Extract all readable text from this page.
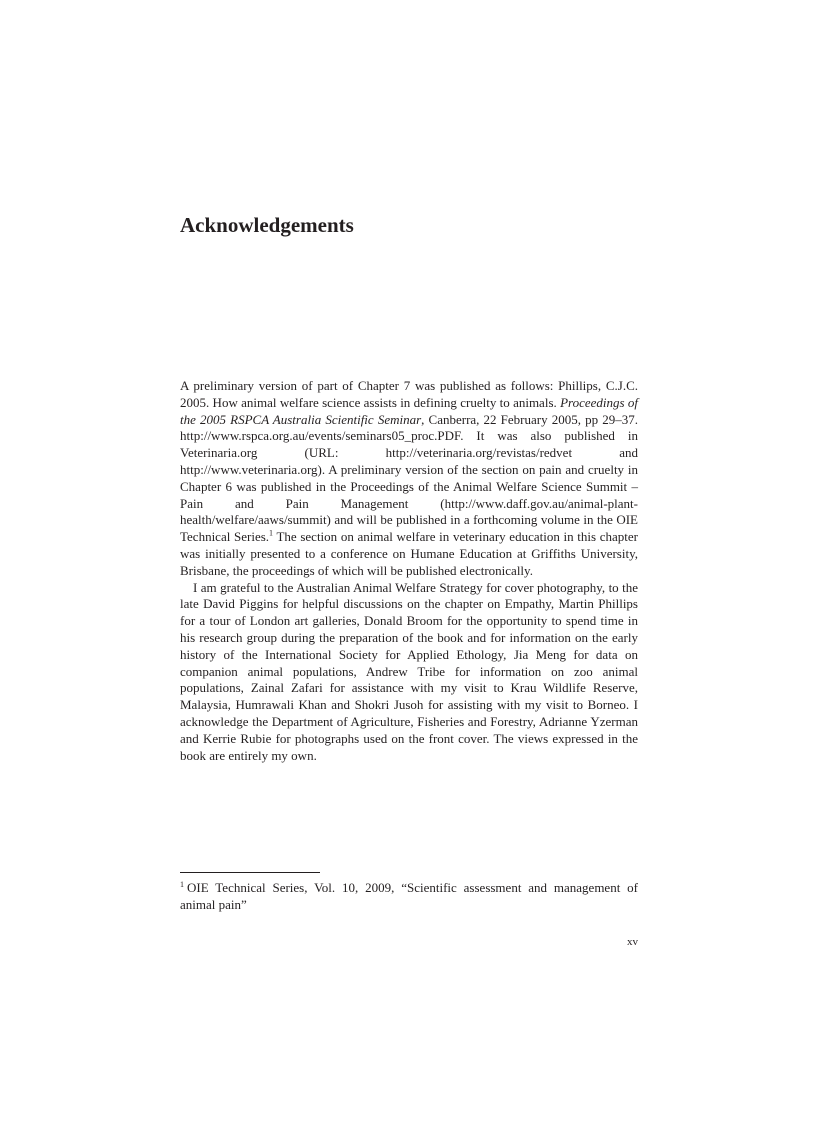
Acknowledgements

A preliminary version of part of Chapter 7 was published as follows: Phillips, C.J.C. 2005. How animal welfare science assists in defining cruelty to animals. Proceedings of the 2005 RSPCA Australia Scientific Seminar, Canberra, 22 February 2005, pp 29–37. http://www.rspca.org.au/events/seminars05_proc.PDF. It was also published in Veterinaria.org (URL: http://veterinaria.org/revistas/redvet and http://www.veterinaria.org). A preliminary version of the section on pain and cruelty in Chapter 6 was published in the Proceedings of the Animal Welfare Science Summit – Pain and Pain Management (http://www.daff.gov.au/animal-plant-health/welfare/aaws/summit) and will be published in a forthcoming volume in the OIE Technical Series.$^1$ The section on animal welfare in veterinary education in this chapter was initially presented to a conference on Humane Education at Griffiths University, Brisbane, the proceedings of which will be published electronically.

I am grateful to the Australian Animal Welfare Strategy for cover photography, to the late David Piggins for helpful discussions on the chapter on Empathy, Martin Phillips for a tour of London art galleries, Donald Broom for the opportunity to spend time in his research group during the preparation of the book and for information on the early history of the International Society for Applied Ethology, Jia Meng for data on companion animal populations, Andrew Tribe for information on zoo animal populations, Zainal Zafari for assistance with my visit to Krau Wildlife Reserve, Malaysia, Humrawali Khan and Shokri Jusoh for assisting with my visit to Borneo. I acknowledge the Department of Agriculture, Fisheries and Forestry, Adrianne Yzerman and Kerrie Rubie for photographs used on the front cover. The views expressed in the book are entirely my own.

$^1$ OIE Technical Series, Vol. 10, 2009, “Scientific assessment and management of animal pain”
xv
